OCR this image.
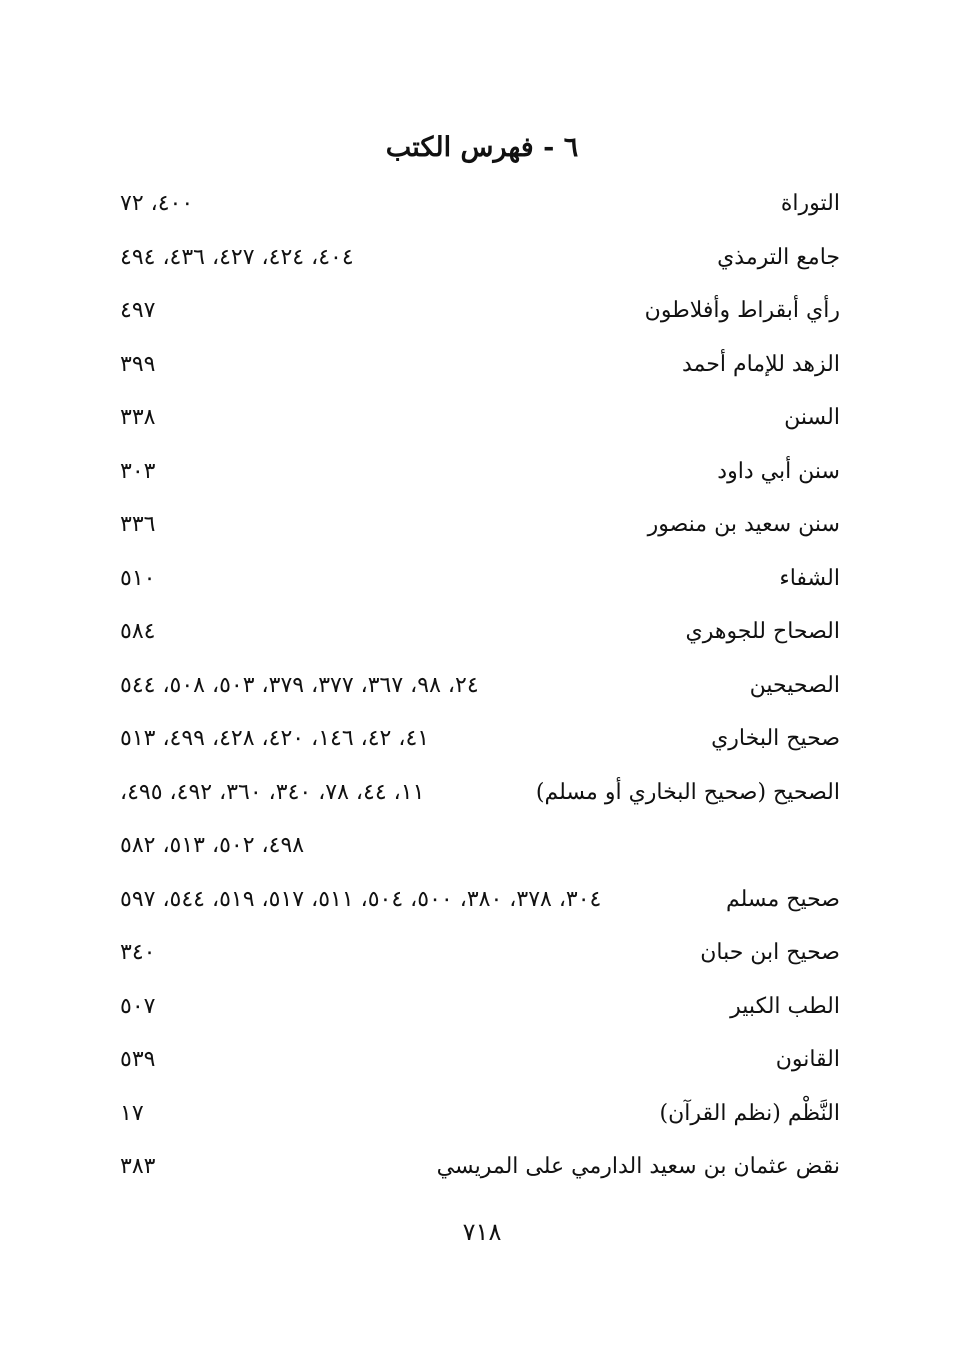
٦ - فهرس الكتب
التوراة
٤٠٠، ٧٢
جامع الترمذي
٤٠٤، ٤٢٤، ٤٢٧، ٤٣٦، ٤٩٤
رأي أبقراط وأفلاطون
٤٩٧
الزهد للإمام أحمد
٣٩٩
السنن
٣٣٨
سنن أبي داود
٣٠٣
سنن سعيد بن منصور
٣٣٦
الشفاء
٥١٠
الصحاح للجوهري
٥٨٤
الصحيحين
٢٤، ٩٨، ٣٦٧، ٣٧٧، ٣٧٩، ٥٠٣، ٥٠٨، ٥٤٤
صحيح البخاري
٤١، ٤٢، ١٤٦، ٤٢٠، ٤٢٨، ٤٩٩، ٥١٣
الصحيح (صحيح البخاري أو مسلم)
١١، ٤٤، ٧٨، ٣٤٠، ٣٦٠، ٤٩٢، ٤٩٥،
٤٩٨، ٥٠٢، ٥١٣، ٥٨٢
صحيح مسلم
٣٠٤، ٣٧٨، ٣٨٠، ٥٠٠، ٥٠٤، ٥١١، ٥١٧، ٥١٩، ٥٤٤، ٥٩٧
صحيح ابن حبان
٣٤٠
الطب الكبير
٥٠٧
القانون
٥٣٩
النَّظْم (نظم القرآن)
١٧
نقض عثمان بن سعيد الدارمي على المريسي
٣٨٣
٧١٨
